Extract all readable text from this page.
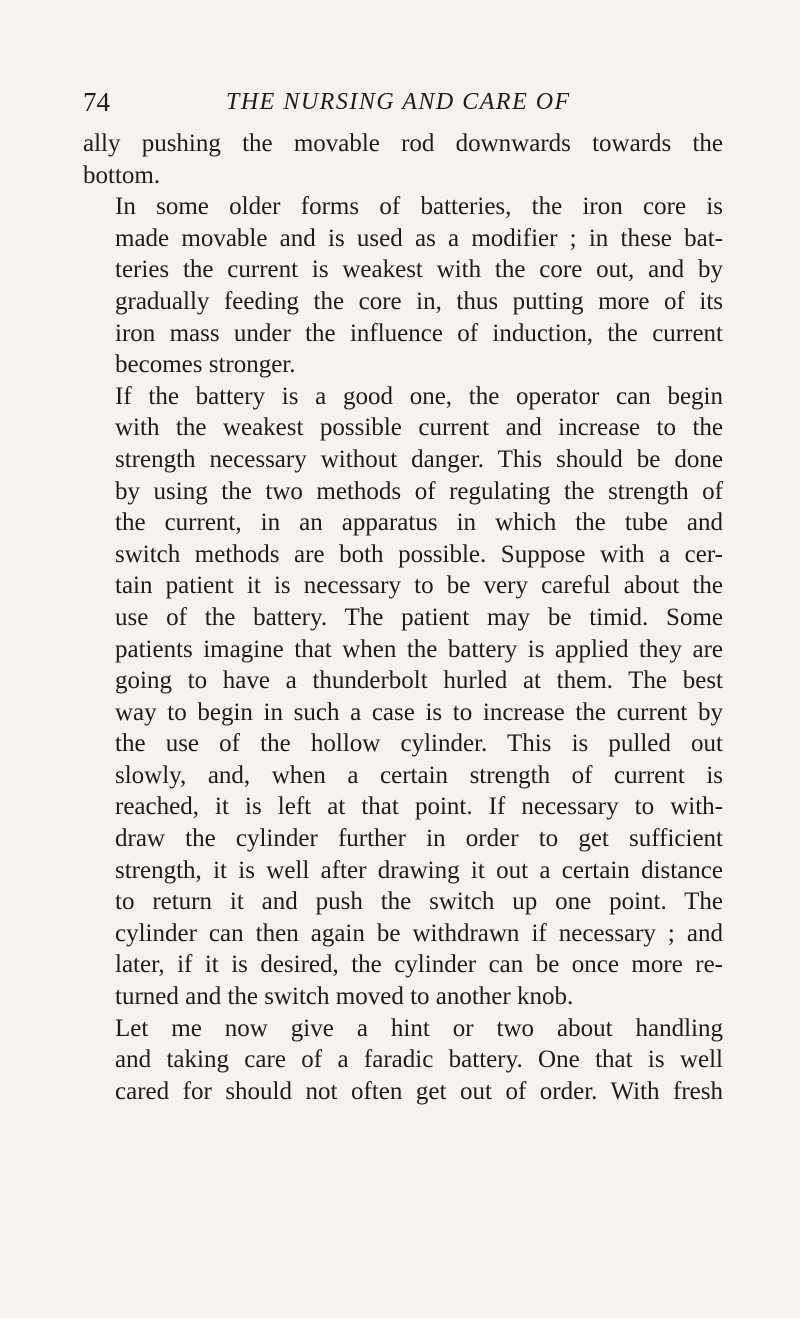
74	THE NURSING AND CARE OF

ally pushing the movable rod downwards towards the
bottom.

In some older forms of batteries, the iron core is
made movable and is used as a modifier ; in these bat-
teries the current is weakest with the core out, and by
gradually feeding the core in, thus putting more of its
iron mass under the influence of induction, the current
becomes stronger.

If the battery is a good one, the operator can begin
with the weakest possible current and increase to the
strength necessary without danger. This should be done
by using the two methods of regulating the strength of
the current, in an apparatus in which the tube and
switch methods are both possible. Suppose with a cer-
tain patient it is necessary to be very careful about the
use of the battery. The patient may be timid. Some
patients imagine that when the battery is applied they are
going to have a thunderbolt hurled at them. The best
way to begin in such a case is to increase the current by
the use of the hollow cylinder. This is pulled out
slowly, and, when a certain strength of current is
reached, it is left at that point. If necessary to with-
draw the cylinder further in order to get sufficient
strength, it is well after drawing it out a certain distance
to return it and push the switch up one point. The
cylinder can then again be withdrawn if necessary ; and
later, if it is desired, the cylinder can be once more re-
turned and the switch moved to another knob.

Let me now give a hint or two about handling
and taking care of a faradic battery. One that is well
cared for should not often get out of order. With fresh
